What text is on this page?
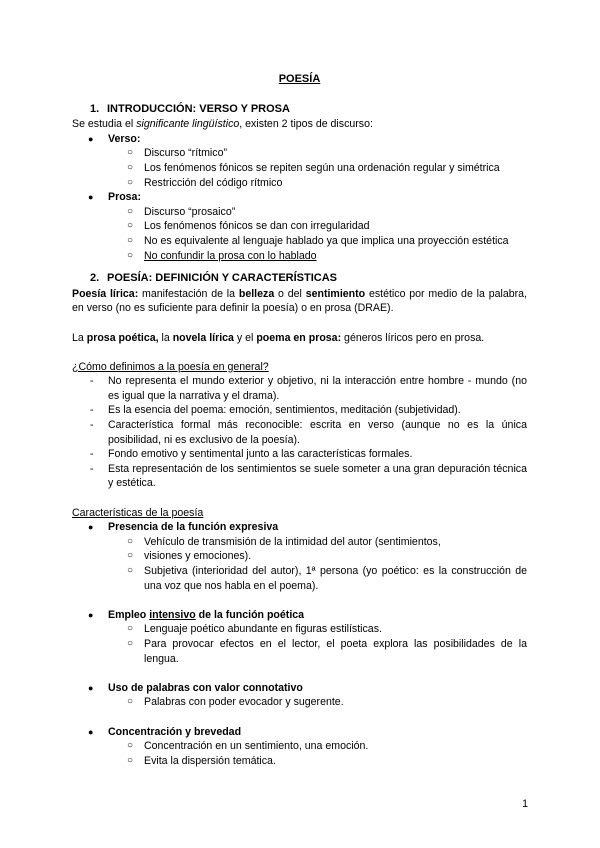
POESÍA

1. INTRODUCCIÓN: VERSO Y PROSA

Se estudia el significante lingüístico, existen 2 tipos de discurso:

● Verso:
○ Discurso “rítmico”
○ Los fenómenos fónicos se repiten según una ordenación regular y simétrica
○ Restricción del código rítmico
● Prosa:
○ Discurso “prosaico”
○ Los fenómenos fónicos se dan con irregularidad
○ No es equivalente al lenguaje hablado ya que implica una proyección estética
○ No confundir la prosa con lo hablado

2. POESÍA: DEFINICIÓN Y CARACTERÍSTICAS

Poesía lírica: manifestación de la belleza o del sentimiento estético por medio de la palabra, en verso (no es suficiente para definir la poesía) o en prosa (DRAE).

La prosa poética, la novela lírica y el poema en prosa: géneros líricos pero en prosa.

¿Cómo definimos a la poesía en general?

- No representa el mundo exterior y objetivo, ni la interacción entre hombre - mundo (no es igual que la narrativa y el drama).
- Es la esencia del poema: emoción, sentimientos, meditación (subjetividad).
- Característica formal más reconocible: escrita en verso (aunque no es la única posibilidad, ni es exclusivo de la poesía).
- Fondo emotivo y sentimental junto a las características formales.
- Esta representación de los sentimientos se suele someter a una gran depuración técnica y estética.

Características de la poesía

● Presencia de la función expresiva
○ Vehículo de transmisión de la intimidad del autor (sentimientos,
○ visiones y emociones).
○ Subjetiva (interioridad del autor), 1ª persona (yo poético: es la construcción de una voz que nos habla en el poema).
● Empleo intensivo de la función poética
○ Lenguaje poético abundante en figuras estilísticas.
○ Para provocar efectos en el lector, el poeta explora las posibilidades de la lengua.
● Uso de palabras con valor connotativo
○ Palabras con poder evocador y sugerente.
● Concentración y brevedad
○ Concentración en un sentimiento, una emoción.
○ Evita la dispersión temática.
1
